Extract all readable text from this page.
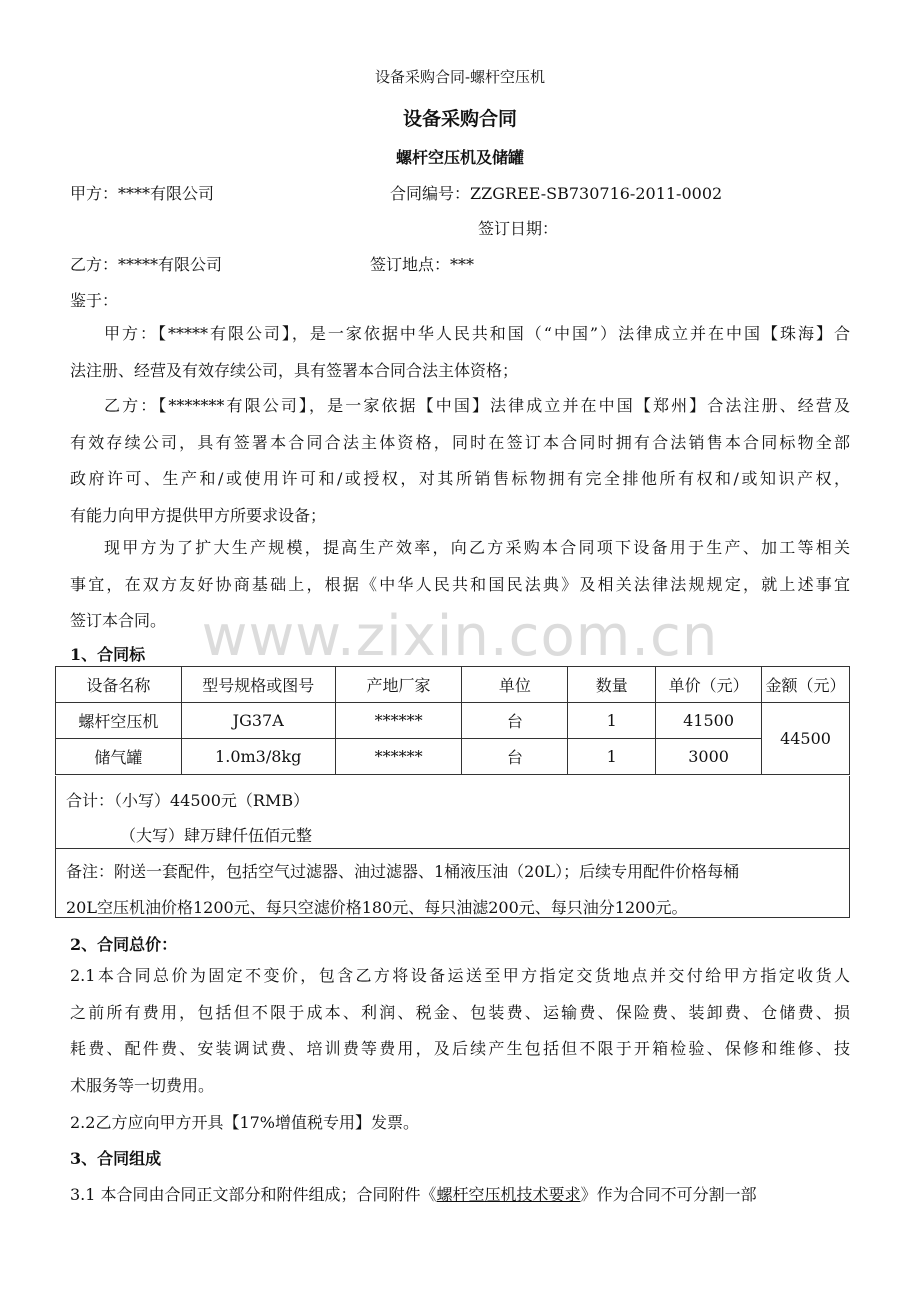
设备采购合同-螺杆空压机
设备采购合同
螺杆空压机及储罐
甲方：****有限公司	合同编号：ZZGREE-SB730716-2011-0002
签订日期：
乙方：*****有限公司	签订地点：***
鉴于：
甲方：【*****有限公司】，是一家依据中华人民共和国（“中国”）法律成立并在中国【珠海】合
法注册、经营及有效存续公司，具有签署本合同合法主体资格；
乙方：【*******有限公司】，是一家依据【中国】法律成立并在中国【郑州】合法注册、经营及
有效存续公司，具有签署本合同合法主体资格，同时在签订本合同时拥有合法销售本合同标物全部
政府许可、生产和/或使用许可和/或授权，对其所销售标物拥有完全排他所有权和/或知识产权，
有能力向甲方提供甲方所要求设备；
现甲方为了扩大生产规模，提高生产效率，向乙方采购本合同项下设备用于生产、加工等相关
事宜，在双方友好协商基础上，根据《中华人民共和国民法典》及相关法律法规规定，就上述事宜
签订本合同。 www.zixin.com.cn
1、合同标
设备名称	型号规格或图号	产地厂家	单位	数量	单价（元）	金额（元）
螺杆空压机	JG37A	******	台	1	41500	44500
储气罐	1.0m3/8kg	******	台	1	3000	
合计：（小写）44500元（RMB）
（大写）肆万肆仟伍佰元整
备注：附送一套配件，包括空气过滤器、油过滤器、1桶液压油（20L）；后续专用配件价格每桶
20L空压机油价格1200元、每只空滤价格180元、每只油滤200元、每只油分1200元。
2、合同总价：
2.1本合同总价为固定不变价，包含乙方将设备运送至甲方指定交货地点并交付给甲方指定收货人
之前所有费用，包括但不限于成本、利润、税金、包装费、运输费、保险费、装卸费、仓储费、损
耗费、配件费、安装调试费、培训费等费用，及后续产生包括但不限于开箱检验、保修和维修、技
术服务等一切费用。
2.2乙方应向甲方开具【17%增值税专用】发票。
3、合同组成
3.1 本合同由合同正文部分和附件组成；合同附件《螺杆空压机技术要求》作为合同不可分割一部
